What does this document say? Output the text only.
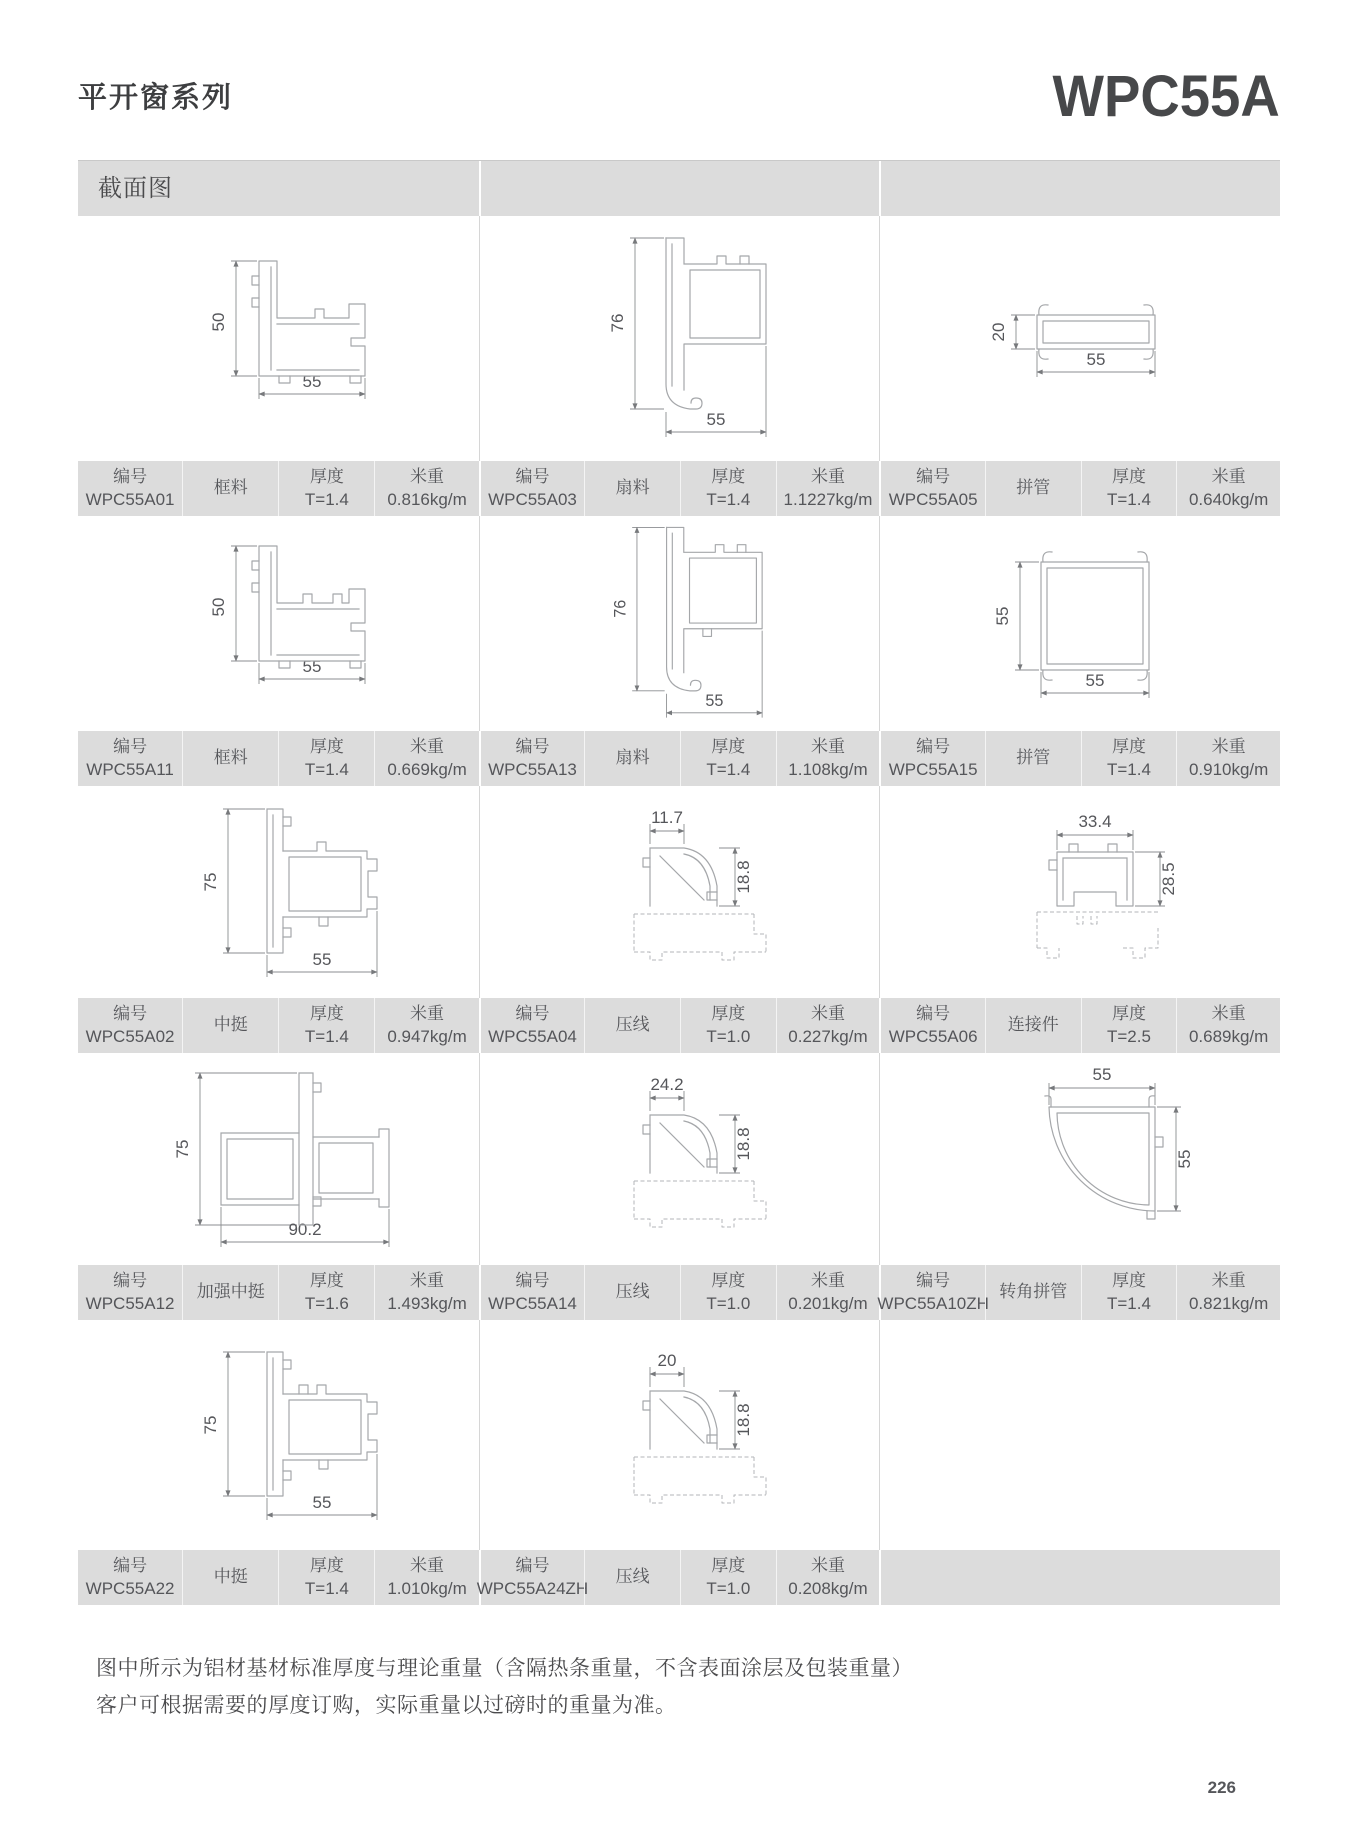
平开窗系列	WPC55A
截面图
50
55
编号
WPC55A01
框料
厚度
T=1.4
米重
0.816kg/m
76
55
编号
WPC55A03
扇料
厚度
T=1.4
米重
1.1227kg/m
20
55
编号
WPC55A05
拼管
厚度
T=1.4
米重
0.640kg/m
50
55
编号
WPC55A11
框料
厚度
T=1.4
米重
0.669kg/m
76
55
编号
WPC55A13
扇料
厚度
T=1.4
米重
1.108kg/m
55
55
编号
WPC55A15
拼管
厚度
T=1.4
米重
0.910kg/m
75
55
编号
WPC55A02
中挺
厚度
T=1.4
米重
0.947kg/m
11.7
18.8
编号
WPC55A04
压线
厚度
T=1.0
米重
0.227kg/m
33.4
28.5
编号
WPC55A06
连接件
厚度
T=2.5
米重
0.689kg/m
75
90.2
编号
WPC55A12
加强中挺
厚度
T=1.6
米重
1.493kg/m
24.2
18.8
编号
WPC55A14
压线
厚度
T=1.0
米重
0.201kg/m
55
55
编号
WPC55A10ZH
转角拼管
厚度
T=1.4
米重
0.821kg/m
75
55
编号
WPC55A22
中挺
厚度
T=1.4
米重
1.010kg/m
20
18.8
编号
WPC55A24ZH
压线
厚度
T=1.0
米重
0.208kg/m
图中所示为铝材基材标准厚度与理论重量（含隔热条重量，不含表面涂层及包装重量）
客户可根据需要的厚度订购，实际重量以过磅时的重量为准。
226
